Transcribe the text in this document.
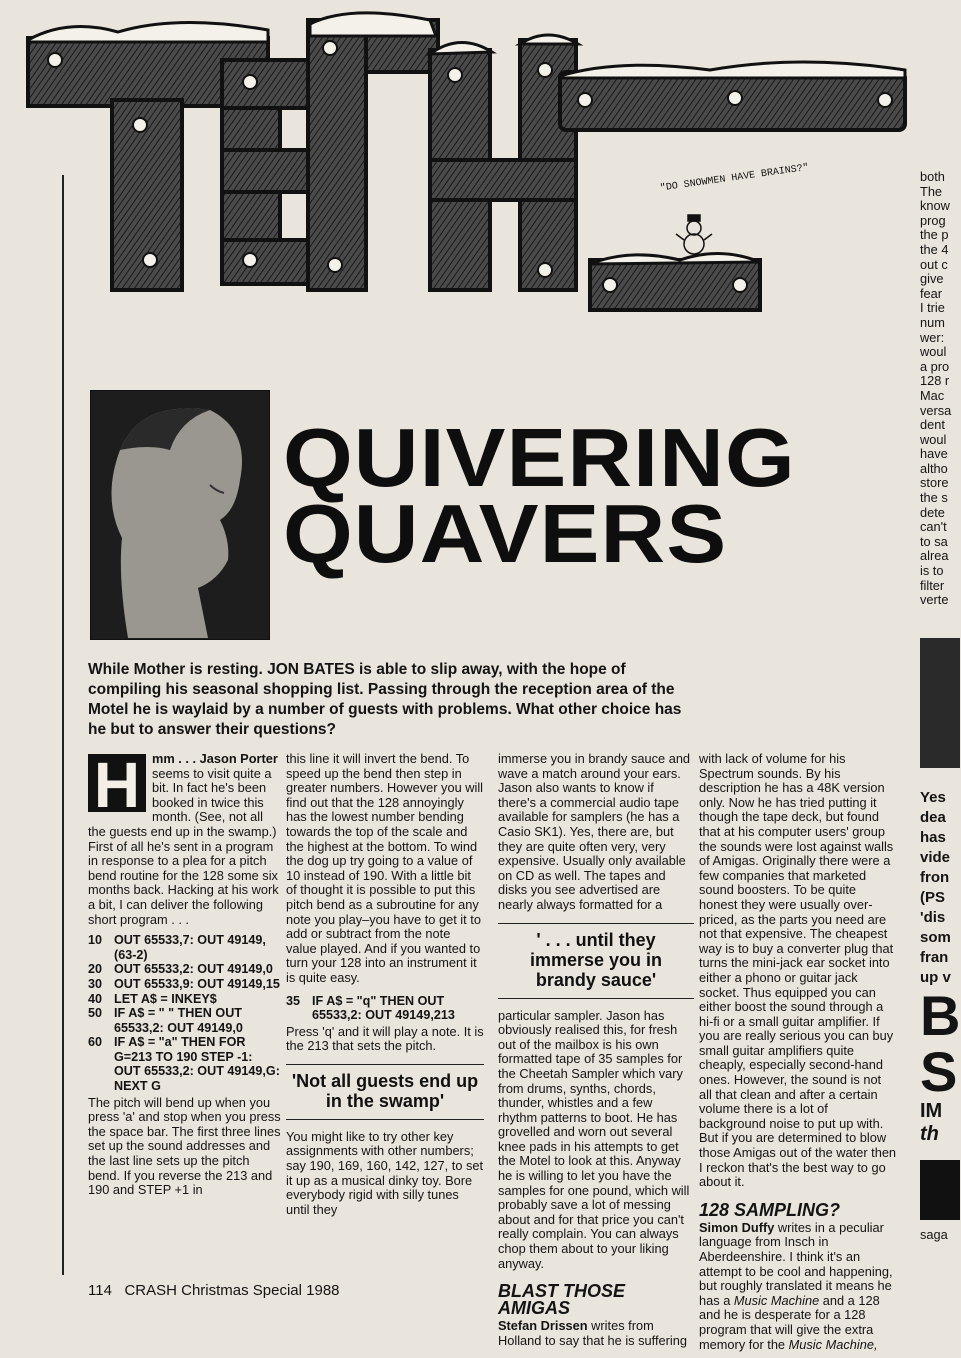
"DO SNOWMEN HAVE BRAINS?"
QUIVERING
QUAVERS
While Mother is resting. JON BATES is able to slip away, with the hope of compiling his seasonal shopping list. Passing through the reception area of the Motel he is waylaid by a number of guests with problems. What other choice has he but to answer their questions?
H mm . . . Jason Porter seems to visit quite a bit. In fact he's been booked in twice this month. (See, not all the guests end up in the swamp.) First of all he's sent in a program in response to a plea for a pitch bend routine for the 128 some six months back. Hacking at his work a bit, I can deliver the following short program . . .

10 OUT 65533,7: OUT 49149,(63-2)
20 OUT 65533,2: OUT 49149,0
30 OUT 65533,9: OUT 49149,15
40 LET A$ = INKEY$
50 IF A$ = " " THEN OUT 65533,2: OUT 49149,0
60 IF A$ = "a" THEN FOR G=213 TO 190 STEP -1: OUT 65533,2: OUT 49149,G: NEXT G

The pitch will bend up when you press 'a' and stop when you press the space bar. The first three lines set up the sound addresses and the last line sets up the pitch bend. If you reverse the 213 and 190 and STEP +1 in

this line it will invert the bend. To speed up the bend then step in greater numbers. However you will find out that the 128 annoyingly has the lowest number bending towards the top of the scale and the highest at the bottom. To wind the dog up try going to a value of 10 instead of 190. With a little bit of thought it is possible to put this pitch bend as a subroutine for any note you play–you have to get it to add or subtract from the note value played. And if you wanted to turn your 128 into an instrument it is quite easy.

35 IF A$ = "q" THEN OUT 65533,2: OUT 49149,213

Press 'q' and it will play a note. It is the 213 that sets the pitch.

'Not all guests end up in the swamp'

You might like to try other key assignments with other numbers; say 190, 169, 160, 142, 127, to set it up as a musical dinky toy. Bore everybody rigid with silly tunes until they

immerse you in brandy sauce and wave a match around your ears.

Jason also wants to know if there's a commercial audio tape available for samplers (he has a Casio SK1). Yes, there are, but they are quite often very, very expensive. Usually only available on CD as well. The tapes and disks you see advertised are nearly always formatted for a

' . . . until they immerse you in brandy sauce'

particular sampler. Jason has obviously realised this, for fresh out of the mailbox is his own formatted tape of 35 samples for the Cheetah Sampler which vary from drums, synths, chords, thunder, whistles and a few rhythm patterns to boot. He has grovelled and worn out several knee pads in his attempts to get the Motel to look at this. Anyway he is willing to let you have the samples for one pound, which will probably save a lot of messing about and for that price you can't really complain. You can always chop them about to your liking anyway.

BLAST THOSE AMIGAS

Stefan Drissen writes from Holland to say that he is suffering

with lack of volume for his Spectrum sounds. By his description he has a 48K version only. Now he has tried putting it though the tape deck, but found that at his computer users' group the sounds were lost against walls of Amigas. Originally there were a few companies that marketed sound boosters. To be quite honest they were usually over-priced, as the parts you need are not that expensive. The cheapest way is to buy a converter plug that turns the mini-jack ear socket into either a phono or guitar jack socket. Thus equipped you can either boost the sound through a hi-fi or a small guitar amplifier. If you are really serious you can buy small guitar amplifiers quite cheaply, especially second-hand ones. However, the sound is not all that clean and after a certain volume there is a lot of background noise to put up with. But if you are determined to blow those Amigas out of the water then I reckon that's the best way to go about it.

128 SAMPLING?

Simon Duffy writes in a peculiar language from Insch in Aberdeenshire. I think it's an attempt to be cool and happening, but roughly translated it means he has a Music Machine and a 128 and he is desperate for a 128 program that will give the extra memory for the Music Machine,

both
The
know
prog
the p
the 4
out c
give
fear
I trie
num
wer:
woul
a pro
128 r
Mac
versa
dent
woul
have
altho
store
the s
dete
can't
to sa
alrea
is to
filter
verte
Yes
dea
has
vide
fron
(PS
'dis
som
fran
up v
B
S
IM
th
saga
114 CRASH Christmas Special 1988
